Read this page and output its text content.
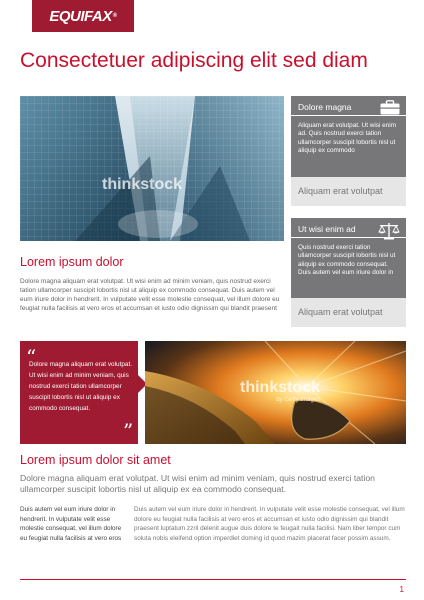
EQUIFAX ®
Consectetuer adipiscing elit sed diam
thinkstock
Dolore magna
Aliquam erat volutpat. Ut wisi enim ad. Quis nostrud exerci tation ullamcorper suscipit lobortis nisl ut aliquip ex commodo
Aliquam erat volutpat
Ut wisi enim ad
Quis nostrud exerci tation ullamcorper suscipit lobortis nisl ut aliquip ex commodo consequat. Duis autem vel eum iriure dolor in
Aliquam erat volutpat
Lorem ipsum dolor
Dolore magna aliquam erat volutpat. Ut wisi enim ad minim veniam, quis nostrud exerci tation ullamcorper suscipit lobortis nisl ut aliquip ex commodo consequat. Duis autem vel eum iriure dolor in hendrerit. In vulputate velit esse molestie consequat, vel illum dolore eu feugiat nulla facilisis at vero eros et accumsan et iusto odio dignissim qui blandit praesent
“
Dolore magna aliquam erat volutpat. Ut wisi enim ad minim veniam, quis nostrud exerci tation ullamcorper suscipit lobortis nisl ut aliquip ex commodo consequat.
”
thinkstock
by Getty Images
Lorem ipsum dolor sit amet
Dolore magna aliquam erat volutpat. Ut wisi enim ad minim veniam, quis nostrud exerci tation ullamcorper suscipit lobortis nisl ut aliquip ex ea commodo consequat.
Duis autem vel eum iriure dolor in hendrerit. In vulputate velit esse molestie consequat, vel illum dolore eu feugiat nulla facilisis at vero eros
Duis autem vel eum iriure dolor in hendrerit. In vulputate velit esse molestie consequat, vel illum dolore eu feugiat nulla facilisis at vero eros et accumsan et iusto odio dignissim qui blandit praesent luptatum zzril delenit augue duis dolore te feugait nulla facilisi. Nam liber tempor cum soluta nobis eleifend option imperdiet doming id quod mazim placerat facer possim assum.
1
